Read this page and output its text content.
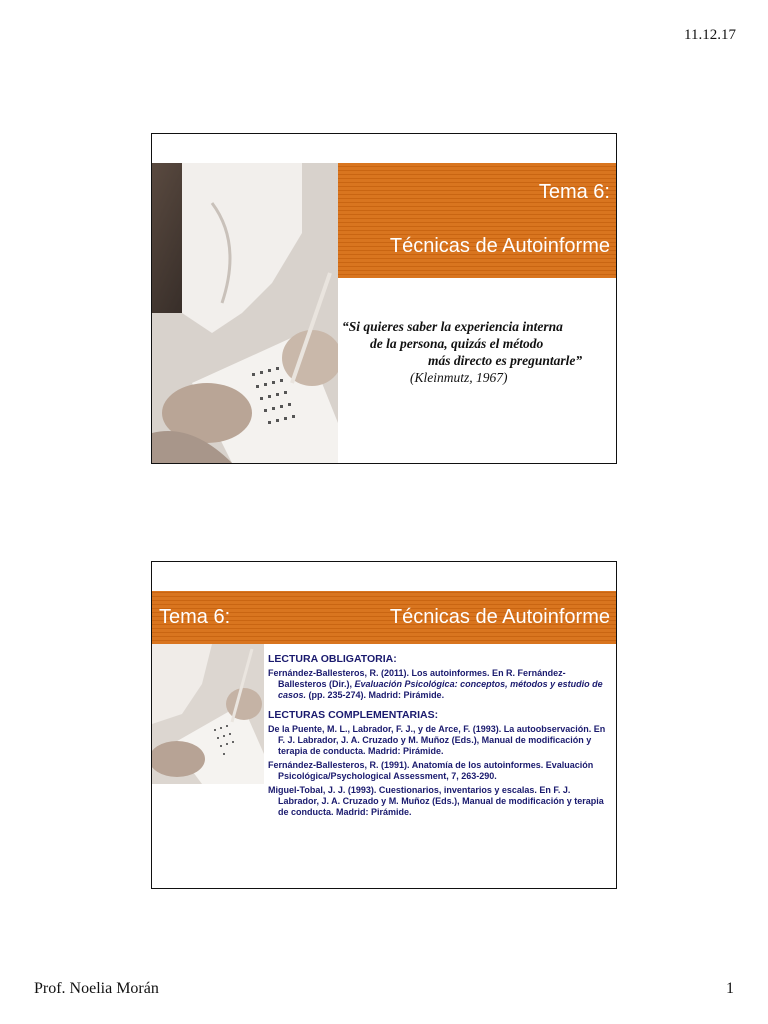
11.12.17
Tema 6:
Técnicas de Autoinforme
“Si quieres saber la experiencia interna
de la persona, quizás el método
más directo es preguntarle”
(Kleinmutz, 1967)
Tema 6:	Técnicas de Autoinforme
LECTURA OBLIGATORIA:
Fernández-Ballesteros, R. (2011). Los autoinformes. En R. Fernández-Ballesteros (Dir.), Evaluación Psicológica: conceptos, métodos y estudio de casos. (pp. 235-274). Madrid: Pirámide.
LECTURAS COMPLEMENTARIAS:
De la Puente, M. L., Labrador, F. J., y de Arce, F. (1993). La autoobservación. En F. J. Labrador, J. A. Cruzado y M. Muñoz (Eds.), Manual de modificación y terapia de conducta. Madrid: Pirámide.
Fernández-Ballesteros, R. (1991). Anatomía de los autoinformes. Evaluación Psicológica/Psychological Assessment, 7, 263-290.
Miguel-Tobal, J. J. (1993). Cuestionarios, inventarios y escalas. En F. J. Labrador, J. A. Cruzado y M. Muñoz (Eds.), Manual de modificación y terapia de conducta. Madrid: Pirámide.
Prof. Noelia Morán	1
